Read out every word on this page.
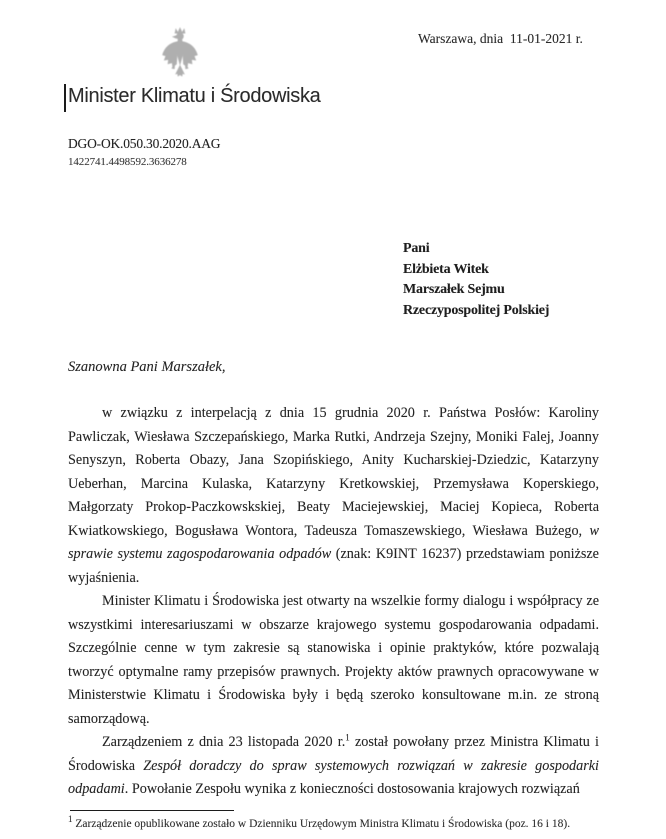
Warszawa, dnia  11-01-2021 r.
Minister Klimatu i Środowiska
DGO-OK.050.30.2020.AAG
1422741.4498592.3636278
Pani
Elżbieta Witek
Marszałek Sejmu
Rzeczypospolitej Polskiej
Szanowna Pani Marszałek,

w związku z interpelacją z dnia 15 grudnia 2020 r. Państwa Posłów: Karoliny Pawliczak, Wiesława Szczepańskiego, Marka Rutki, Andrzeja Szejny, Moniki Falej, Joanny Senyszyn, Roberta Obazy, Jana Szopińskiego, Anity Kucharskiej-Dziedzic, Katarzyny Ueberhan, Marcina Kulaska, Katarzyny Kretkowskiej, Przemysława Koperskiego, Małgorzaty Prokop-Paczkowskskiej, Beaty Maciejewskiej, Maciej Kopieca, Roberta Kwiatkowskiego, Bogusława Wontora, Tadeusza Tomaszewskiego, Wiesława Bużego, w sprawie systemu zagospodarowania odpadów (znak: K9INT 16237) przedstawiam poniższe wyjaśnienia.

Minister Klimatu i Środowiska jest otwarty na wszelkie formy dialogu i współpracy ze wszystkimi interesariuszami w obszarze krajowego systemu gospodarowania odpadami. Szczególnie cenne w tym zakresie są stanowiska i opinie praktyków, które pozwalają tworzyć optymalne ramy przepisów prawnych. Projekty aktów prawnych opracowywane w Ministerstwie Klimatu i Środowiska były i będą szeroko konsultowane m.in. ze stroną samorządową.

Zarządzeniem z dnia 23 listopada 2020 r.$^1$ został powołany przez Ministra Klimatu i Środowiska Zespół doradczy do spraw systemowych rozwiązań w zakresie gospodarki odpadami. Powołanie Zespołu wynika z konieczności dostosowania krajowych rozwiązań

$^1$ Zarządzenie opublikowane zostało w Dzienniku Urzędowym Ministra Klimatu i Środowiska (poz. 16 i 18).
